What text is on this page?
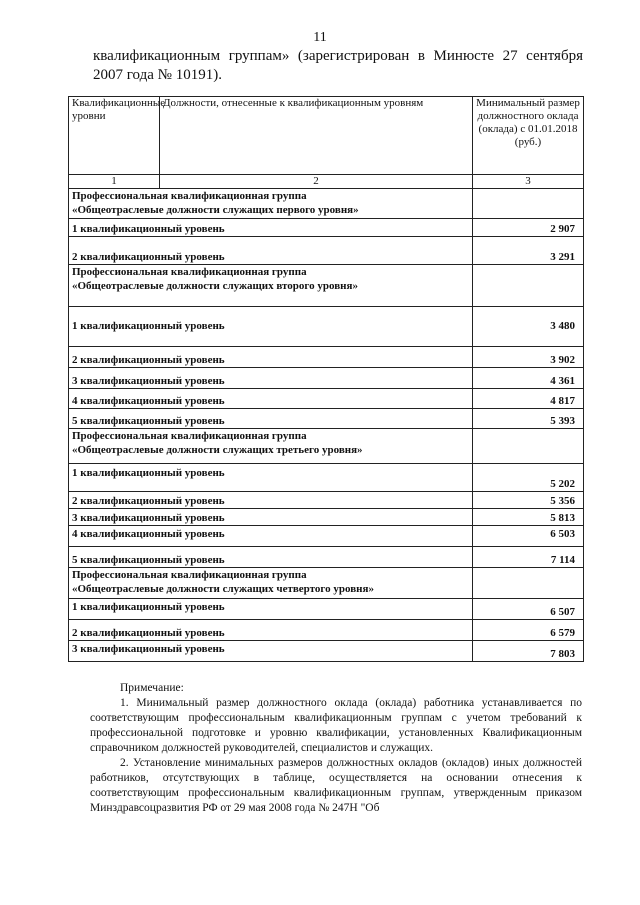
11
квалификационным группам» (зарегистрирован в Минюсте 27 сентября
2007 года № 10191).
Квалификационные уровни	Должности, отнесенные к квалификационным уровням	Минимальный размер должностного оклада (оклада) с 01.01.2018 (руб.)
1	2	3
Профессиональная квалификационная группа
«Общеотраслевые должности служащих первого уровня»		
1 квалификационный уровень		2 907
2 квалификационный уровень		3 291
Профессиональная квалификационная группа
«Общеотраслевые должности служащих второго уровня»		
1 квалификационный уровень		3 480
2 квалификационный уровень		3 902
3 квалификационный уровень		4 361
4 квалификационный уровень		4 817
5 квалификационный уровень		5 393
Профессиональная квалификационная группа
«Общеотраслевые должности служащих третьего уровня»		
1 квалификационный уровень		5 202
2 квалификационный уровень		5 356
3 квалификационный уровень		5 813
4 квалификационный уровень		6 503
5 квалификационный уровень		7 114
Профессиональная квалификационная группа
«Общеотраслевые должности служащих четвертого уровня»		
1 квалификационный уровень		6 507
2 квалификационный уровень		6 579
3 квалификационный уровень		7 803

Примечание:

1. Минимальный размер должностного оклада (оклада) работника устанавливается по соответствующим профессиональным квалификационным группам с учетом требований к профессиональной подготовке и уровню квалификации, установленных Квалификационным справочником должностей руководителей, специалистов и служащих.

2. Установление минимальных размеров должностных окладов (окладов) иных должностей работников, отсутствующих в таблице, осуществляется на основании отнесения к соответствующим профессиональным квалификационным группам, утвержденным приказом Минздравсоцразвития РФ от 29 мая 2008 года № 247Н "Об
